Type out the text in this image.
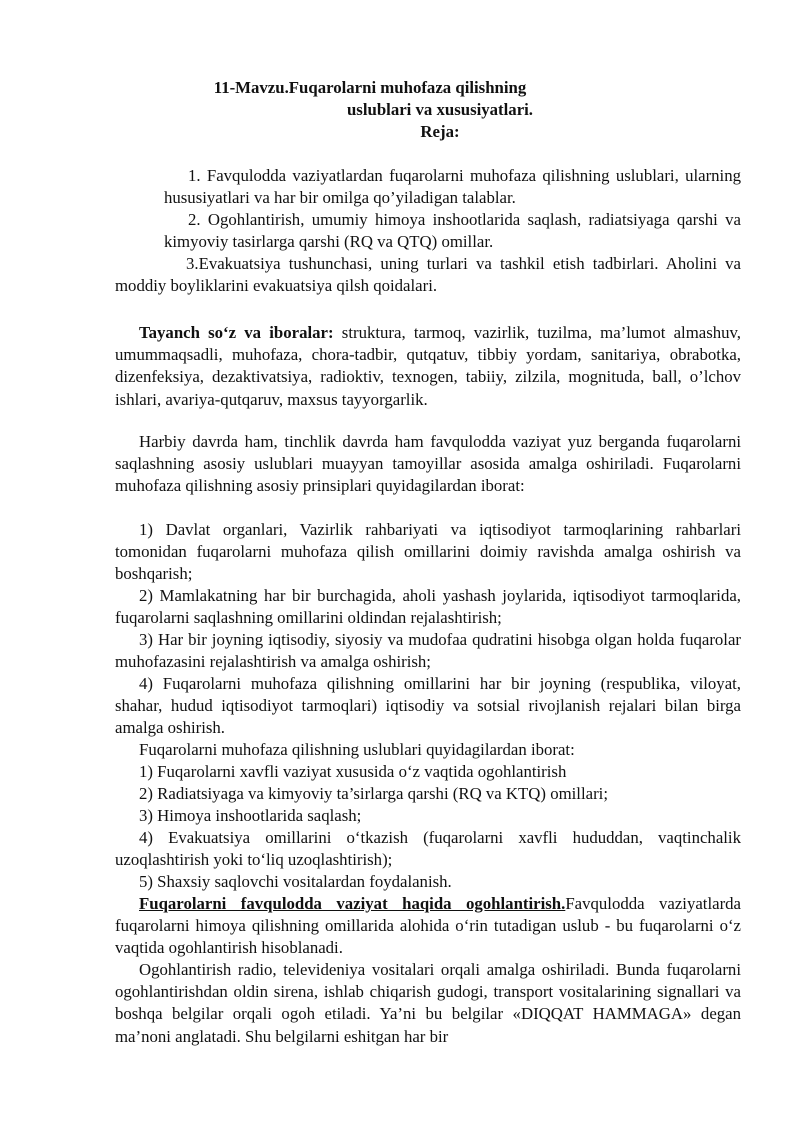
11-Mavzu.Fuqarolarni muhofaza qilishning
uslublari va xususiyatlari.
Reja:
1. Favqulodda vaziyatlardan fuqarolarni muhofaza qilishning uslublari, ularning hususiyatlari va har bir omilga qo’yiladigan talablar.
2. Ogohlantirish, umumiy himoya inshootlarida saqlash, radiatsiyaga qarshi va kimyoviy tasirlarga qarshi (RQ va QTQ) omillar.
3.Evakuatsiya tushunchasi, uning turlari va tashkil etish tadbirlari. Aholini va moddiy boyliklarini evakuatsiya qilsh qoidalari.
Tayanch so‘z va iboralar: struktura, tarmoq, vazirlik, tuzilma, ma’lumot almashuv, umummaqsadli, muhofaza, chora-tadbir, qutqatuv, tibbiy yordam, sanitariya, obrabotka, dizenfeksiya, dezaktivatsiya, radioktiv, texnogen, tabiiy, zilzila, mognituda, ball, o’lchov ishlari, avariya-qutqaruv, maxsus tayyorgarlik.
Harbiy davrda ham, tinchlik davrda ham favqulodda vaziyat yuz berganda fuqarolarni saqlashning asosiy uslublari muayyan tamoyillar asosida amalga oshiriladi. Fuqarolarni muhofaza qilishning asosiy prinsiplari quyidagilardan iborat:
1) Davlat organlari, Vazirlik rahbariyati va iqtisodiyot tarmoqlarining rahbarlari tomonidan fuqarolarni muhofaza qilish omillarini doimiy ravishda amalga oshirish va boshqarish;
2) Mamlakatning har bir burchagida, aholi yashash joylarida, iqtisodiyot tarmoqlarida, fuqarolarni saqlashning omillarini oldindan rejalashtirish;
3) Har bir joyning iqtisodiy, siyosiy va mudofaa qudratini hisobga olgan holda fuqarolar muhofazasini rejalashtirish va amalga oshirish;
4) Fuqarolarni muhofaza qilishning omillarini har bir joyning (respublika, viloyat, shahar, hudud iqtisodiyot tarmoqlari) iqtisodiy va sotsial rivojlanish rejalari bilan birga amalga oshirish.
Fuqarolarni muhofaza qilishning uslublari quyidagilardan iborat:
1) Fuqarolarni xavfli vaziyat xususida o‘z vaqtida ogohlantirish
2) Radiatsiyaga va kimyoviy ta’sirlarga qarshi (RQ va KTQ) omillari;
3) Himoya inshootlarida saqlash;
4) Evakuatsiya omillarini o‘tkazish (fuqarolarni xavfli hududdan, vaqtinchalik uzoqlashtirish yoki to‘liq uzoqlashtirish);
5) Shaxsiy saqlovchi vositalardan foydalanish.
Fuqarolarni favqulodda vaziyat haqida ogohlantirish.Favqulodda vaziyatlarda fuqarolarni himoya qilishning omillarida alohida o‘rin tutadigan uslub - bu fuqarolarni o‘z vaqtida ogohlantirish hisoblanadi.
Ogohlantirish radio, televideniya vositalari orqali amalga oshiriladi. Bunda fuqarolarni ogohlantirishdan oldin sirena, ishlab chiqarish gudogi, transport vositalarining signallari va boshqa belgilar orqali ogoh etiladi. Ya’ni bu belgilar «DIQQAT HAMMAGA» degan ma’noni anglatadi. Shu belgilarni eshitgan har bir
